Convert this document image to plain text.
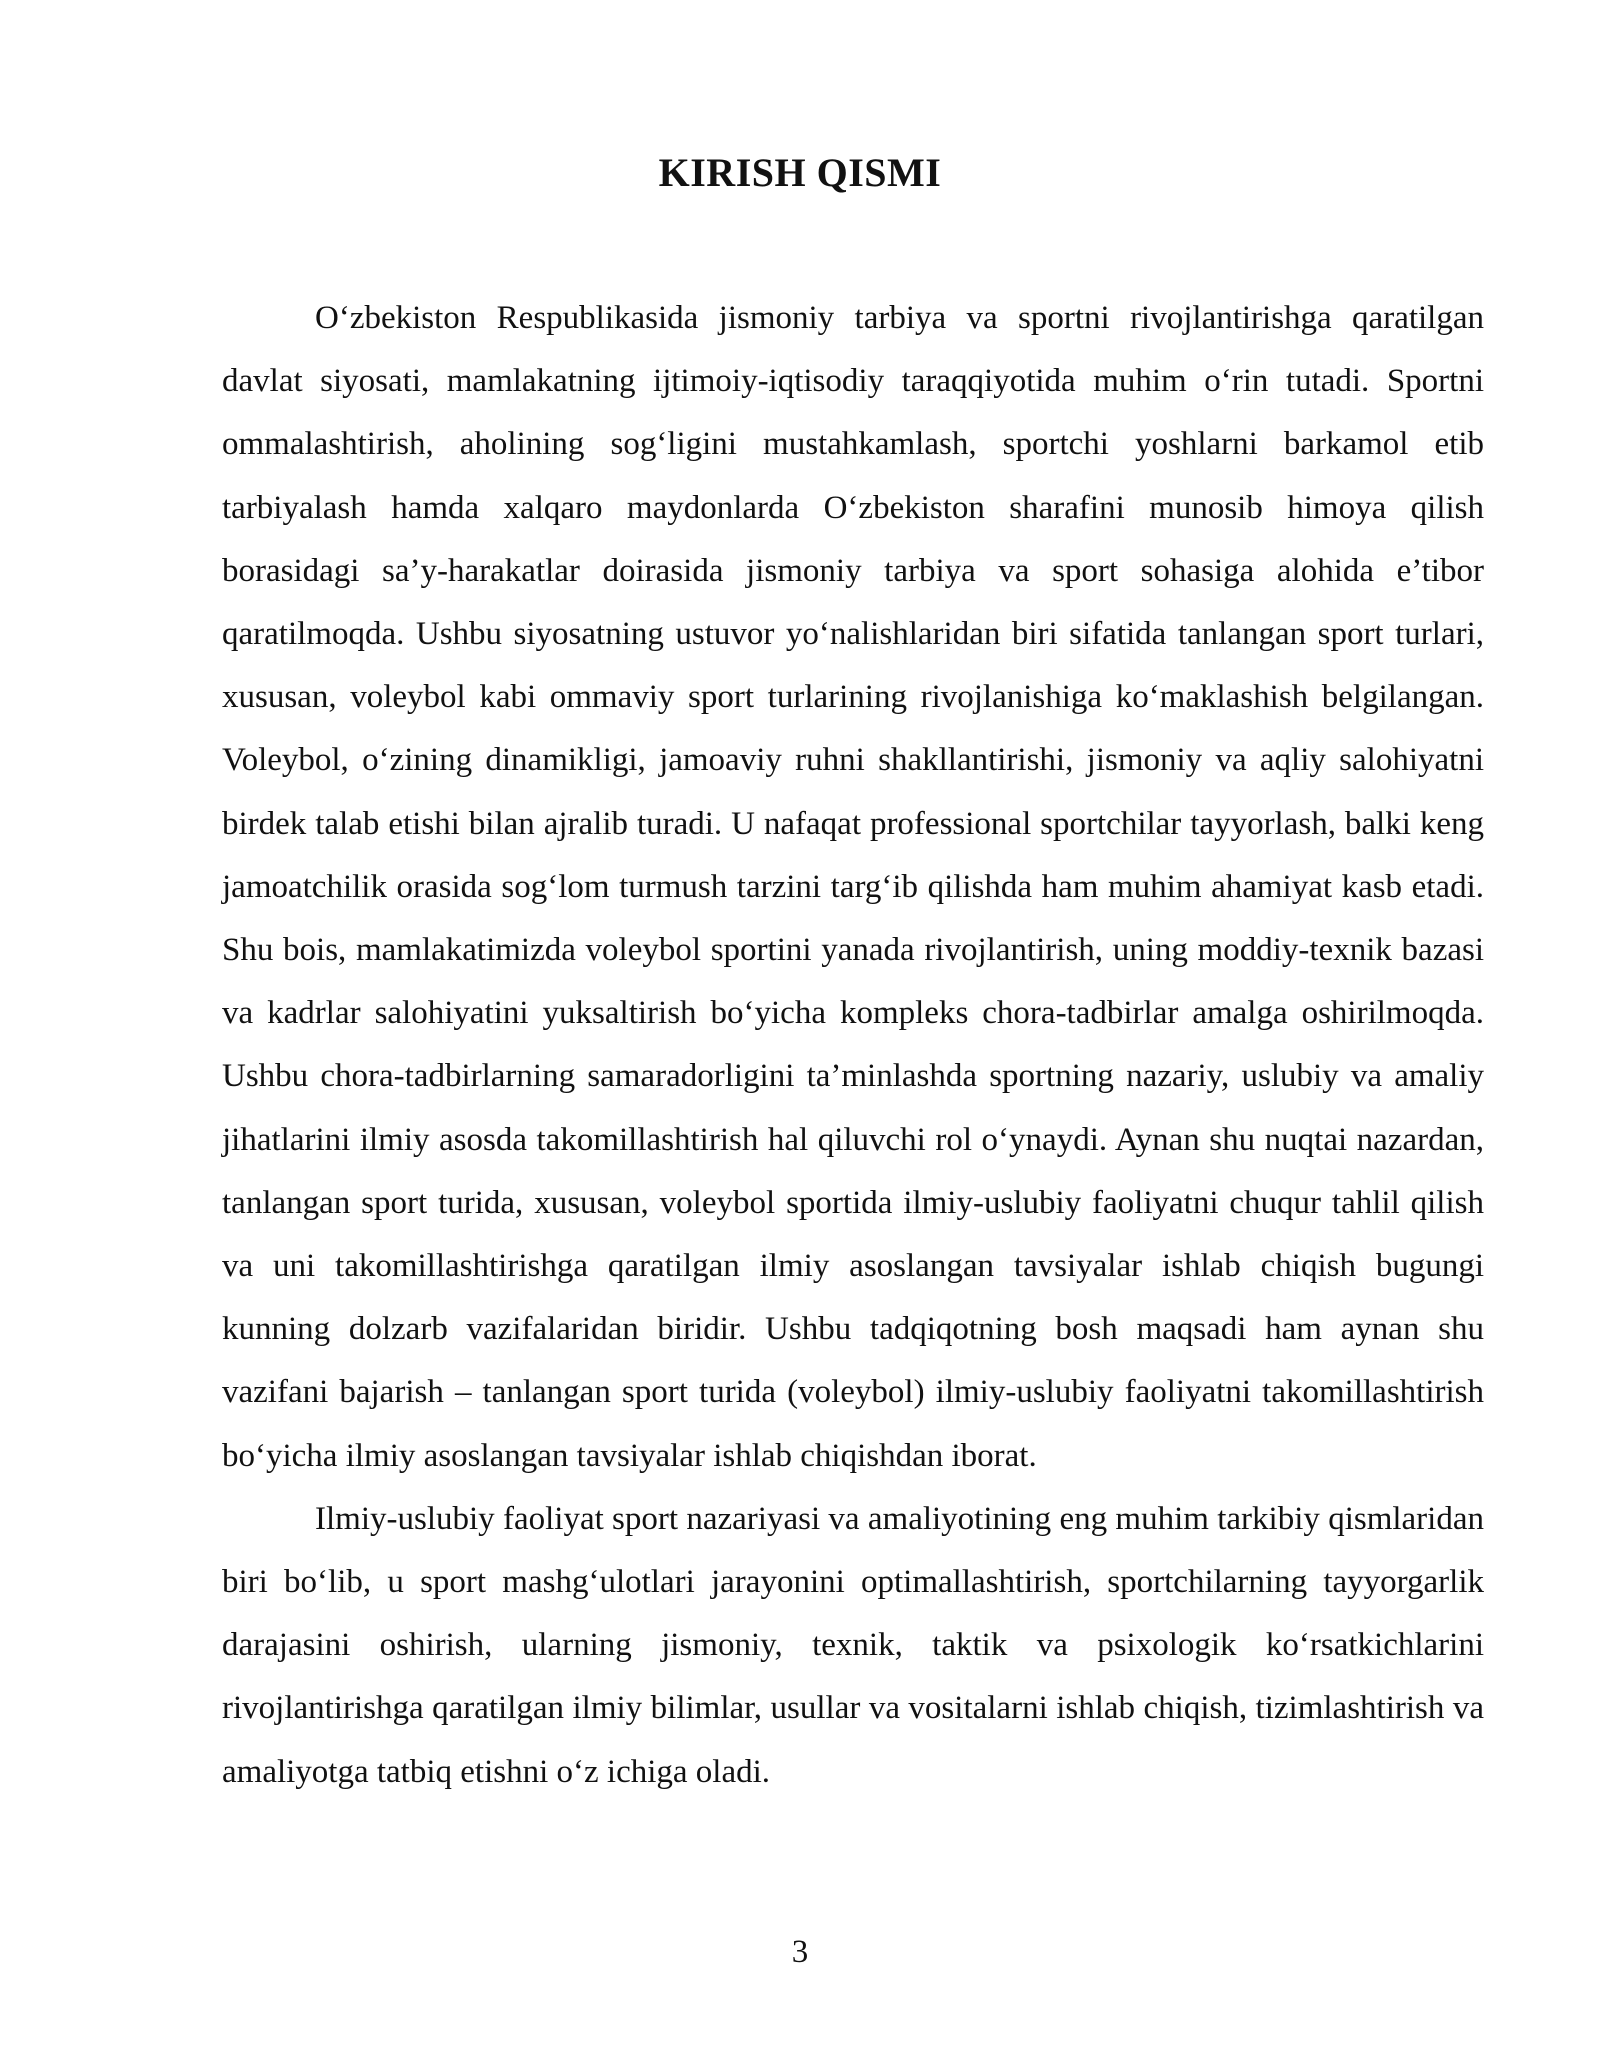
KIRISH QISMI

O‘zbekiston Respublikasida jismoniy tarbiya va sportni rivojlantirishga qaratilgan davlat siyosati, mamlakatning ijtimoiy-iqtisodiy taraqqiyotida muhim o‘rin tutadi. Sportni ommalashtirish, aholining sog‘ligini mustahkamlash, sportchi yoshlarni barkamol etib tarbiyalash hamda xalqaro maydonlarda O‘zbekiston sharafini munosib himoya qilish borasidagi sa’y-harakatlar doirasida jismoniy tarbiya va sport sohasiga alohida e’tibor qaratilmoqda. Ushbu siyosatning ustuvor yo‘nalishlaridan biri sifatida tanlangan sport turlari, xususan, voleybol kabi ommaviy sport turlarining rivojlanishiga ko‘maklashish belgilangan. Voleybol, o‘zining dinamikligi, jamoaviy ruhni shakllantirishi, jismoniy va aqliy salohiyatni birdek talab etishi bilan ajralib turadi. U nafaqat professional sportchilar tayyorlash, balki keng jamoatchilik orasida sog‘lom turmush tarzini targ‘ib qilishda ham muhim ahamiyat kasb etadi. Shu bois, mamlakatimizda voleybol sportini yanada rivojlantirish, uning moddiy-texnik bazasi va kadrlar salohiyatini yuksaltirish bo‘yicha kompleks chora-tadbirlar amalga oshirilmoqda. Ushbu chora-tadbirlarning samaradorligini ta’minlashda sportning nazariy, uslubiy va amaliy jihatlarini ilmiy asosda takomillashtirish hal qiluvchi rol o‘ynaydi. Aynan shu nuqtai nazardan, tanlangan sport turida, xususan, voleybol sportida ilmiy-uslubiy faoliyatni chuqur tahlil qilish va uni takomillashtirishga qaratilgan ilmiy asoslangan tavsiyalar ishlab chiqish bugungi kunning dolzarb vazifalaridan biridir. Ushbu tadqiqotning bosh maqsadi ham aynan shu vazifani bajarish – tanlangan sport turida (voleybol) ilmiy-uslubiy faoliyatni takomillashtirish bo‘yicha ilmiy asoslangan tavsiyalar ishlab chiqishdan iborat.

Ilmiy-uslubiy faoliyat sport nazariyasi va amaliyotining eng muhim tarkibiy qismlaridan biri bo‘lib, u sport mashg‘ulotlari jarayonini optimallashtirish, sportchilarning tayyorgarlik darajasini oshirish, ularning jismoniy, texnik, taktik va psixologik ko‘rsatkichlarini rivojlantirishga qaratilgan ilmiy bilimlar, usullar va vositalarni ishlab chiqish, tizimlashtirish va amaliyotga tatbiq etishni o‘z ichiga oladi.

3
